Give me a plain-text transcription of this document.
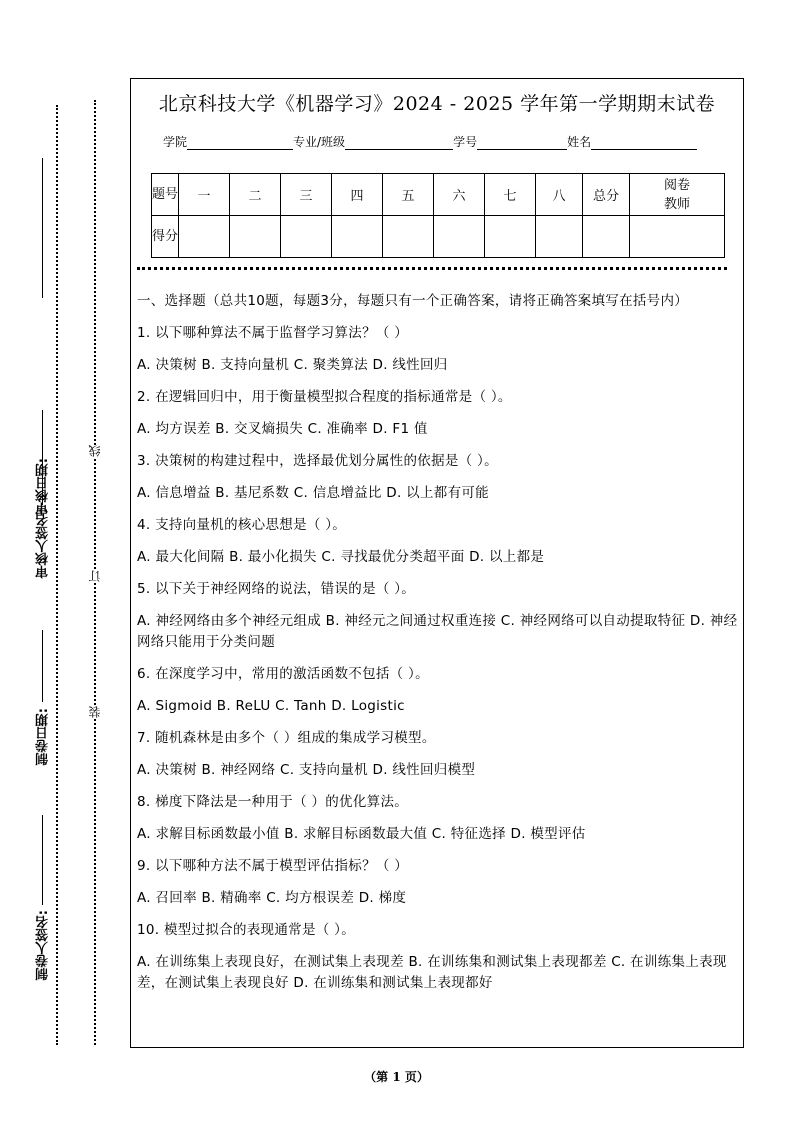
审核日期:
审核人签名:
制卷日期:
制卷人签名:
线
订
装
北京科技大学《机器学习》2024 - 2025 学年第一学期期末试卷
学院	专业/班级	学号	姓名
题号	一	二	三	四	五	六	七	八	总分	阅卷
教师

得分										

一、选择题（总共10题，每题3分，每题只有一个正确答案，请将正确答案填写在括号内）

1. 以下哪种算法不属于监督学习算法？（ ）

A. 决策树 B. 支持向量机 C. 聚类算法 D. 线性回归

2. 在逻辑回归中，用于衡量模型拟合程度的指标通常是（ ）。

A. 均方误差 B. 交叉熵损失 C. 准确率 D. F1 值

3. 决策树的构建过程中，选择最优划分属性的依据是（ ）。

A. 信息增益 B. 基尼系数 C. 信息增益比 D. 以上都有可能

4. 支持向量机的核心思想是（ ）。

A. 最大化间隔 B. 最小化损失 C. 寻找最优分类超平面 D. 以上都是

5. 以下关于神经网络的说法，错误的是（ ）。

A. 神经网络由多个神经元组成 B. 神经元之间通过权重连接 C. 神经网络可以自动提取特征 D. 神经网络只能用于分类问题

6. 在深度学习中，常用的激活函数不包括（ ）。

A. Sigmoid B. ReLU C. Tanh D. Logistic

7. 随机森林是由多个（ ）组成的集成学习模型。

A. 决策树 B. 神经网络 C. 支持向量机 D. 线性回归模型

8. 梯度下降法是一种用于（ ）的优化算法。

A. 求解目标函数最小值 B. 求解目标函数最大值 C. 特征选择 D. 模型评估

9. 以下哪种方法不属于模型评估指标？（ ）

A. 召回率 B. 精确率 C. 均方根误差 D. 梯度

10. 模型过拟合的表现通常是（ ）。

A. 在训练集上表现良好，在测试集上表现差 B. 在训练集和测试集上表现都差 C. 在训练集上表现差，在测试集上表现良好 D. 在训练集和测试集上表现都好

（第 1 页）
